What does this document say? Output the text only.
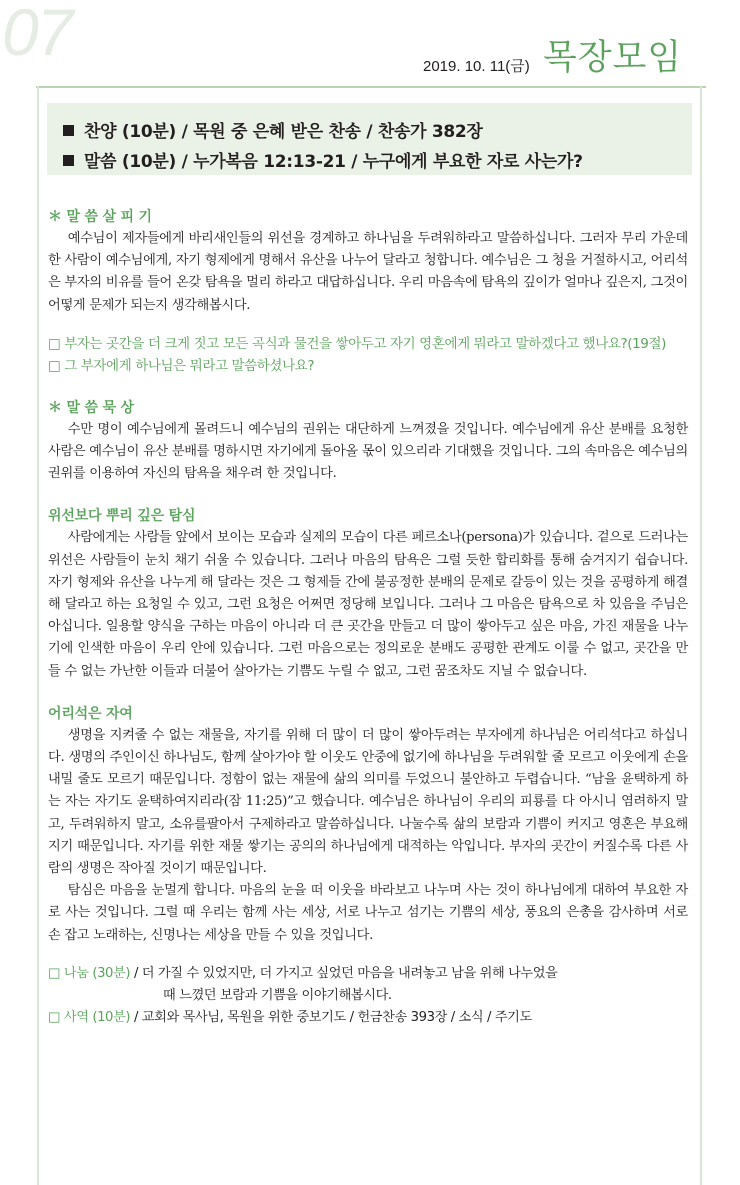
07	2019. 10. 11(금) 목장모임
찬양 (10분) / 목원 중 은혜 받은 찬송 / 찬송가 382장
말씀 (10분) / 누가복음 12:13-21 / 누구에게 부요한 자로 사는가?

＊ 말 씀 살 피 기

예수님이 제자들에게 바리새인들의 위선을 경계하고 하나님을 두려워하라고 말씀하십니다. 그러자 무리 가운데 한 사람이 예수님에게, 자기 형제에게 명해서 유산을 나누어 달라고 청합니다. 예수님은 그 청을 거절하시고, 어리석은 부자의 비유를 들어 온갖 탐욕을 멀리 하라고 대답하십니다. 우리 마음속에 탐욕의 깊이가 얼마나 깊은지, 그것이 어떻게 문제가 되는지 생각해봅시다.

□ 부자는 곳간을 더 크게 짓고 모든 곡식과 물건을 쌓아두고 자기 영혼에게 뭐라고 말하겠다고 했나요?(19절)

□ 그 부자에게 하나님은 뭐라고 말씀하셨나요?

＊ 말 씀 묵 상

수만 명이 예수님에게 몰려드니 예수님의 권위는 대단하게 느껴졌을 것입니다. 예수님에게 유산 분배를 요청한 사람은 예수님이 유산 분배를 명하시면 자기에게 돌아올 몫이 있으리라 기대했을 것입니다. 그의 속마음은 예수님의 권위를 이용하여 자신의 탐욕을 채우려 한 것입니다.

위선보다 뿌리 깊은 탐심

사람에게는 사람들 앞에서 보이는 모습과 실제의 모습이 다른 페르소나(persona)가 있습니다. 겉으로 드러나는 위선은 사람들이 눈치 채기 쉬울 수 있습니다. 그러나 마음의 탐욕은 그럴 듯한 합리화를 통해 숨겨지기 쉽습니다. 자기 형제와 유산을 나누게 해 달라는 것은 그 형제들 간에 불공정한 분배의 문제로 갈등이 있는 것을 공평하게 해결해 달라고 하는 요청일 수 있고, 그런 요청은 어쩌면 정당해 보입니다. 그러나 그 마음은 탐욕으로 차 있음을 주님은 아십니다. 일용할 양식을 구하는 마음이 아니라 더 큰 곳간을 만들고 더 많이 쌓아두고 싶은 마음, 가진 재물을 나누기에 인색한 마음이 우리 안에 있습니다. 그런 마음으로는 정의로운 분배도 공평한 관계도 이룰 수 없고, 곳간을 만들 수 없는 가난한 이들과 더불어 살아가는 기쁨도 누릴 수 없고, 그런 꿈조차도 지닐 수 없습니다.

어리석은 자여

생명을 지켜줄 수 없는 재물을, 자기를 위해 더 많이 더 많이 쌓아두려는 부자에게 하나님은 어리석다고 하십니다. 생명의 주인이신 하나님도, 함께 살아가야 할 이웃도 안중에 없기에 하나님을 두려워할 줄 모르고 이웃에게 손을 내밀 줄도 모르기 때문입니다. 정함이 없는 재물에 삶의 의미를 두었으니 불안하고 두렵습니다. “남을 윤택하게 하는 자는 자기도 윤택하여지리라(잠 11:25)”고 했습니다. 예수님은 하나님이 우리의 피룡를 다 아시니 염려하지 말고, 두려워하지 말고, 소유를팔아서 구제하라고 말씀하십니다. 나눌수록 삶의 보람과 기쁨이 커지고 영혼은 부요해지기 때문입니다. 자기를 위한 재물 쌓기는 공의의 하나님에게 대적하는 악입니다. 부자의 곳간이 커질수록 다른 사람의 생명은 작아질 것이기 때문입니다.

탐심은 마음을 눈멀게 합니다. 마음의 눈을 떠 이웃을 바라보고 나누며 사는 것이 하나님에게 대하여 부요한 자로 사는 것입니다. 그럴 때 우리는 함께 사는 세상, 서로 나누고 섬기는 기쁨의 세상, 풍요의 은총을 감사하며 서로 손 잡고 노래하는, 신명나는 세상을 만들 수 있을 것입니다.

□ 나눔 (30분) / 더 가질 수 있었지만, 더 가지고 싶었던 마음을 내려놓고 남을 위해 나누었을
때 느꼈던 보람과 기쁨을 이야기해봅시다.

□ 사역 (10분) / 교회와 목사님, 목원을 위한 중보기도 / 헌금찬송 393장 / 소식 / 주기도
